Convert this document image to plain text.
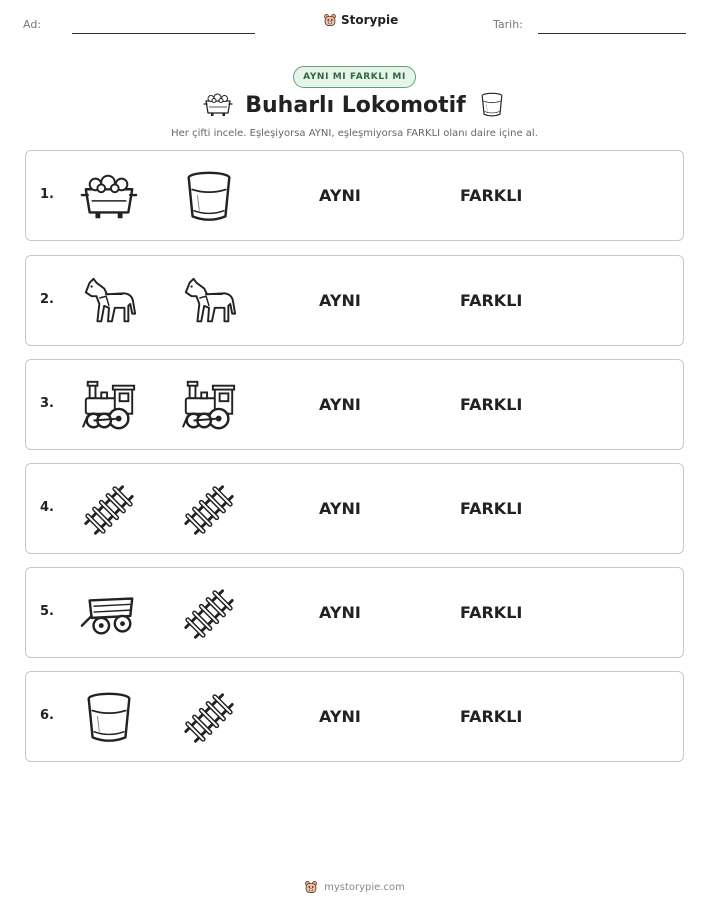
Ad:	Storypie	Tarih:
AYNI MI FARKLI MI
Buharlı Lokomotif
Her çifti incele. Eşleşiyorsa AYNI, eşleşmiyorsa FARKLI olanı daire içine al.
1.	AYNI	FARKLI
2.	AYNI	FARKLI
3.	AYNI	FARKLI
4.	AYNI	FARKLI
5.	AYNI	FARKLI
6.	AYNI	FARKLI
mystorypie.com
